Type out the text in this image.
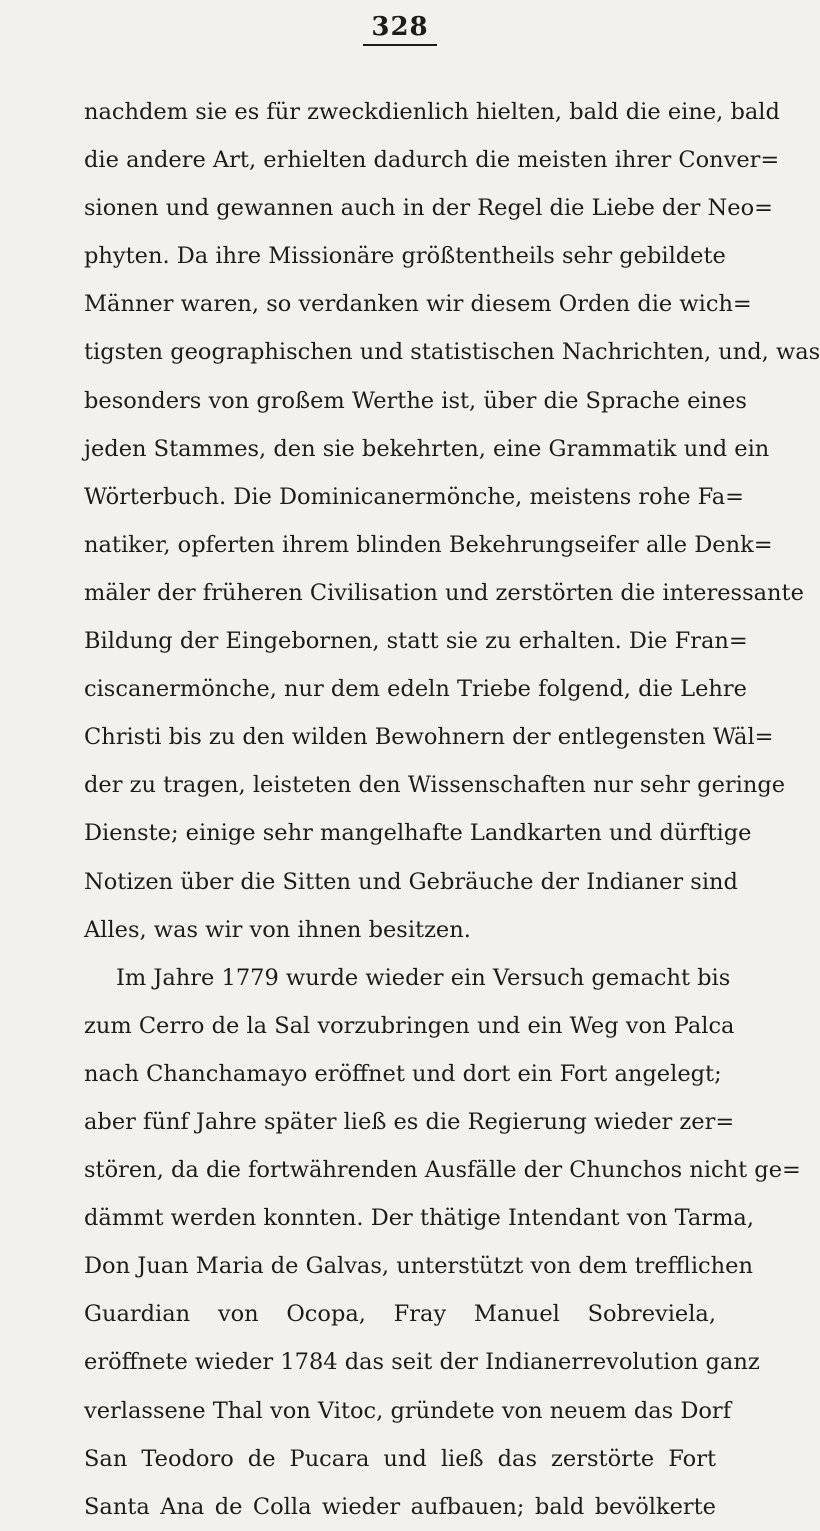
328
nachdem sie es für zweckdienlich hielten, bald die eine, bald
die andere Art, erhielten dadurch die meisten ihrer Conver=
sionen und gewannen auch in der Regel die Liebe der Neo=
phyten. Da ihre Missionäre größtentheils sehr gebildete
Männer waren, so verdanken wir diesem Orden die wich=
tigsten geographischen und statistischen Nachrichten, und, was
besonders von großem Werthe ist, über die Sprache eines
jeden Stammes, den sie bekehrten, eine Grammatik und ein
Wörterbuch. Die Dominicanermönche, meistens rohe Fa=
natiker, opferten ihrem blinden Bekehrungseifer alle Denk=
mäler der früheren Civilisation und zerstörten die interessante
Bildung der Eingebornen, statt sie zu erhalten. Die Fran=
ciscanermönche, nur dem edeln Triebe folgend, die Lehre
Christi bis zu den wilden Bewohnern der entlegensten Wäl=
der zu tragen, leisteten den Wissenschaften nur sehr geringe
Dienste; einige sehr mangelhafte Landkarten und dürftige
Notizen über die Sitten und Gebräuche der Indianer sind
Alles, was wir von ihnen besitzen.
Im Jahre 1779 wurde wieder ein Versuch gemacht bis
zum Cerro de la Sal vorzubringen und ein Weg von Palca
nach Chanchamayo eröffnet und dort ein Fort angelegt;
aber fünf Jahre später ließ es die Regierung wieder zer=
stören, da die fortwährenden Ausfälle der Chunchos nicht ge=
dämmt werden konnten. Der thätige Intendant von Tarma,
Don Juan Maria de Galvas, unterstützt von dem trefflichen
Guardian von Ocopa, Fray Manuel Sobreviela,
eröffnete wieder 1784 das seit der Indianerrevolution ganz
verlassene Thal von Vitoc, gründete von neuem das Dorf
San Teodoro de Pucara und ließ das zerstörte Fort
Santa Ana de Colla wieder aufbauen; bald bevölkerte
